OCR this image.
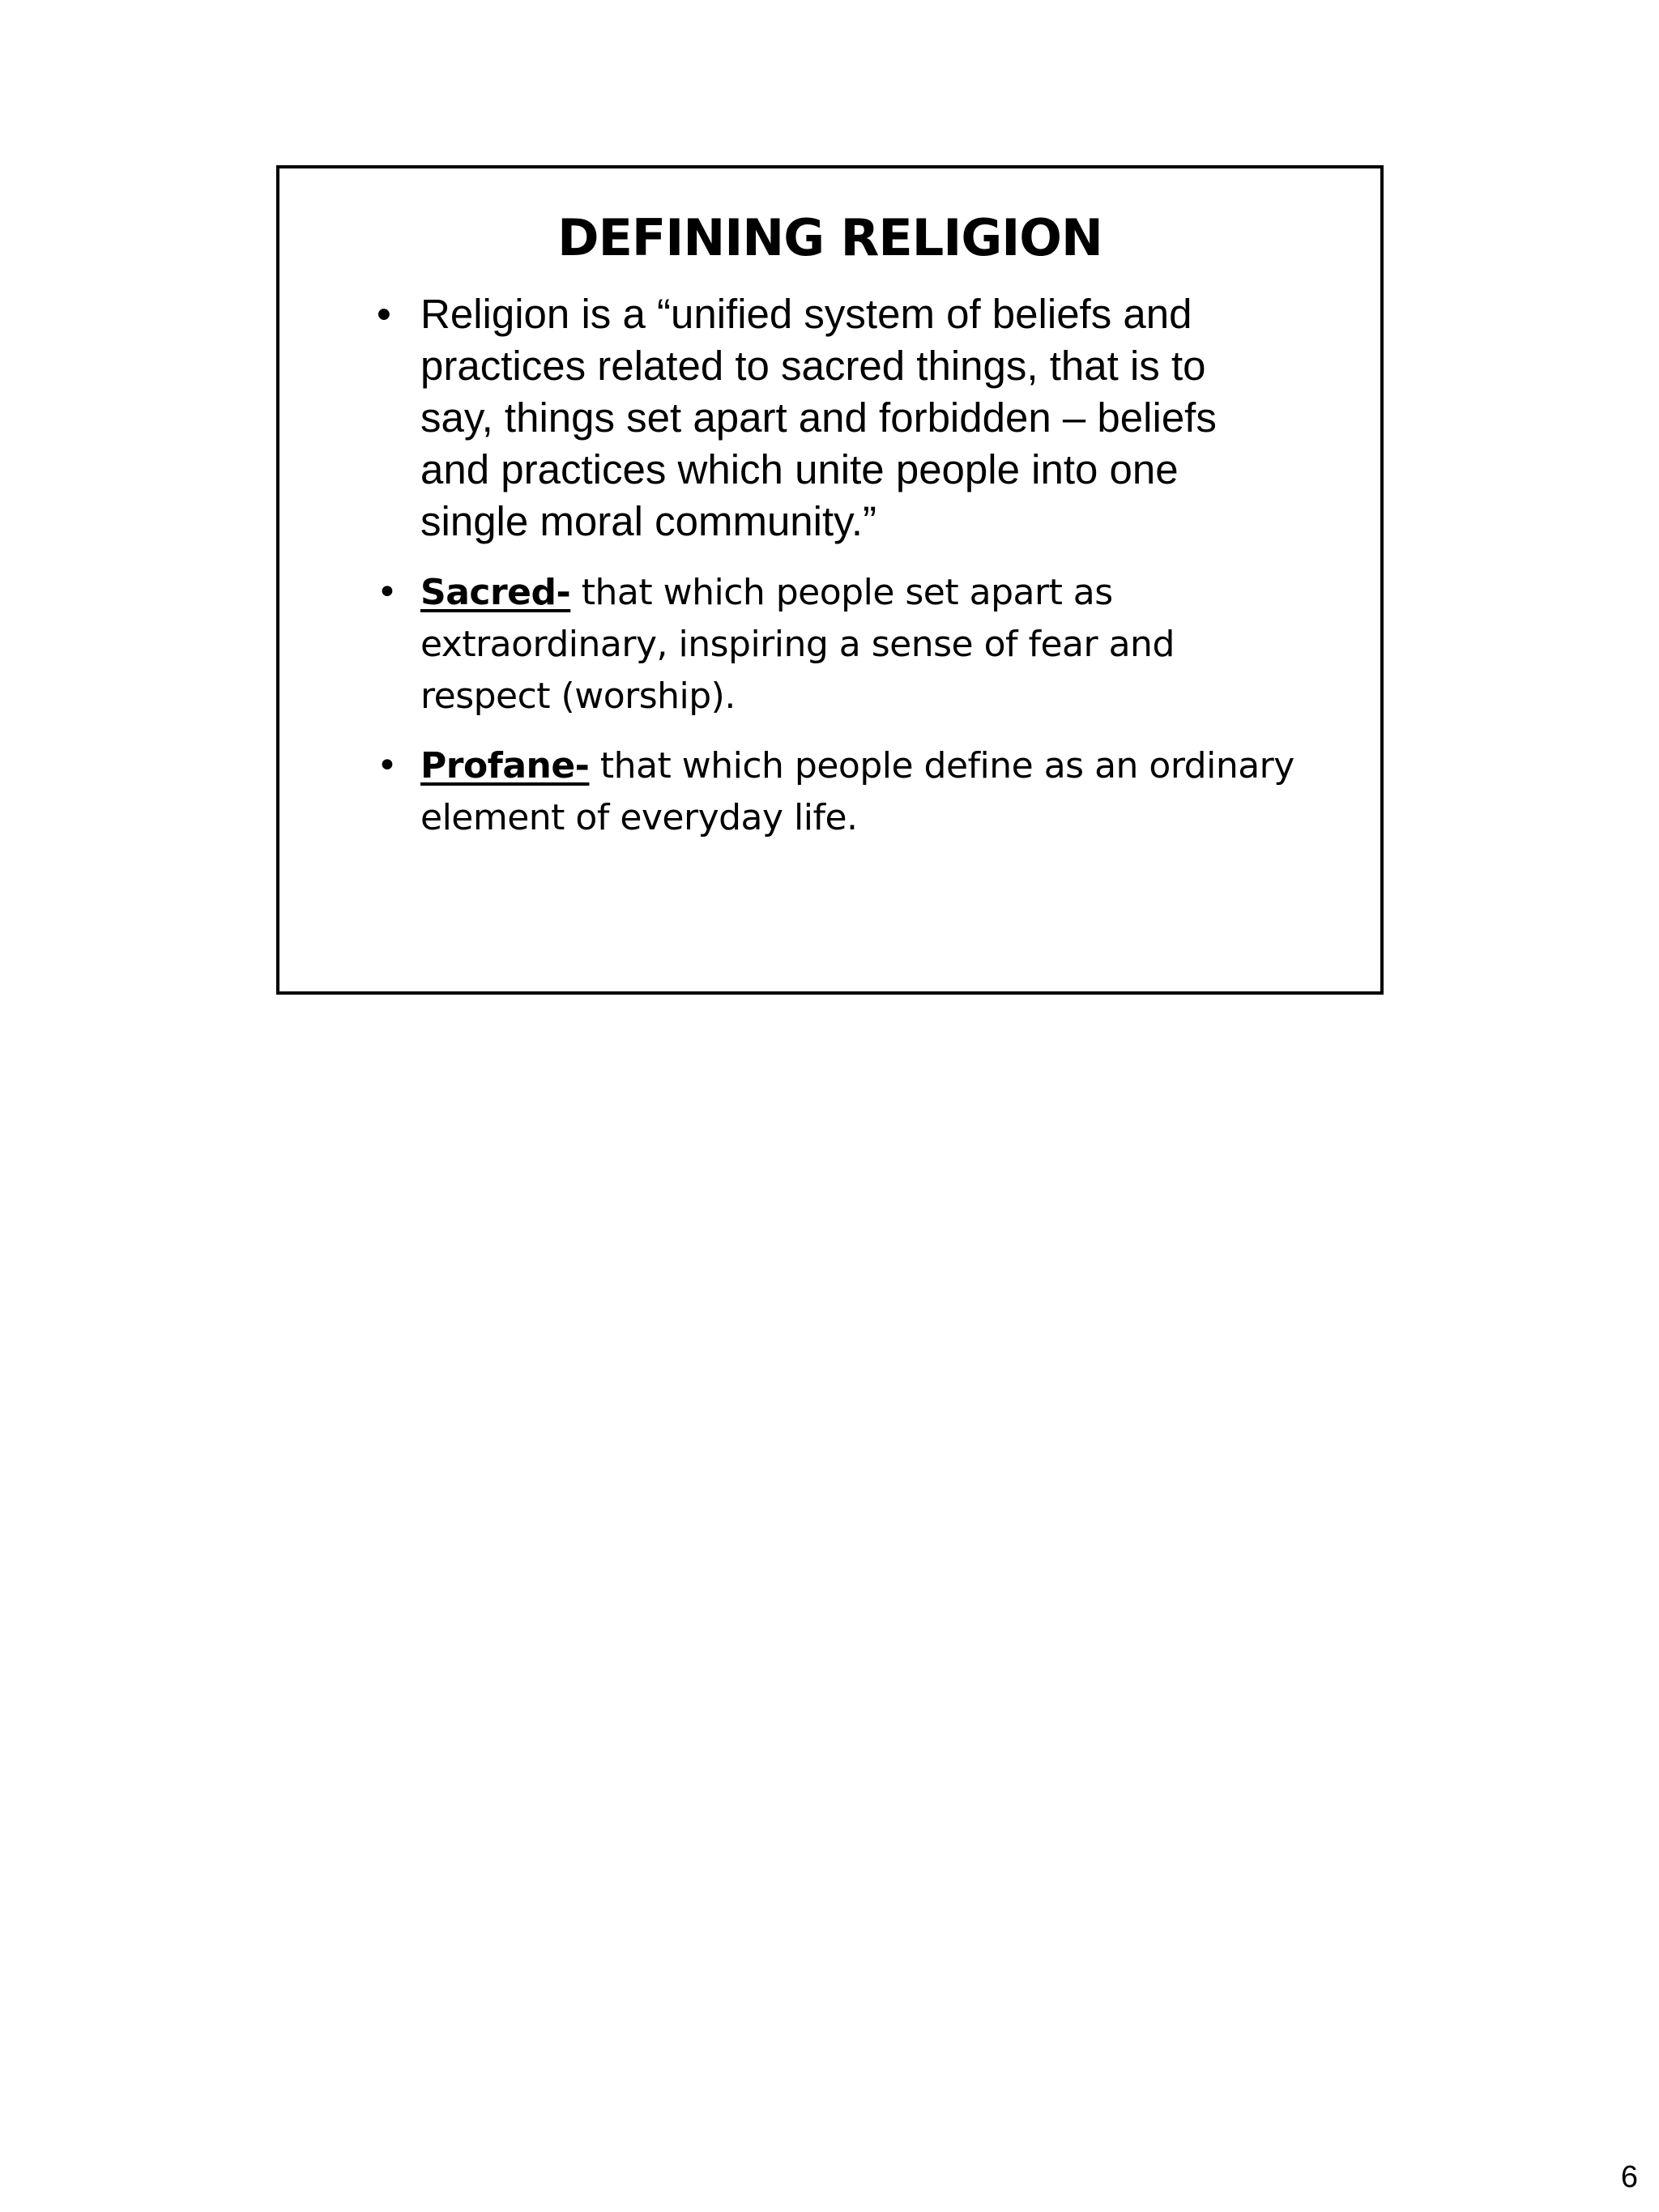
DEFINING RELIGION
• Religion is a “unified system of beliefs and practices related to sacred things, that is to say, things set apart and forbidden – beliefs and practices which unite people into one single moral community.”
• Sacred- that which people set apart as extraordinary, inspiring a sense of fear and respect (worship).
• Profane- that which people define as an ordinary element of everyday life.
6
